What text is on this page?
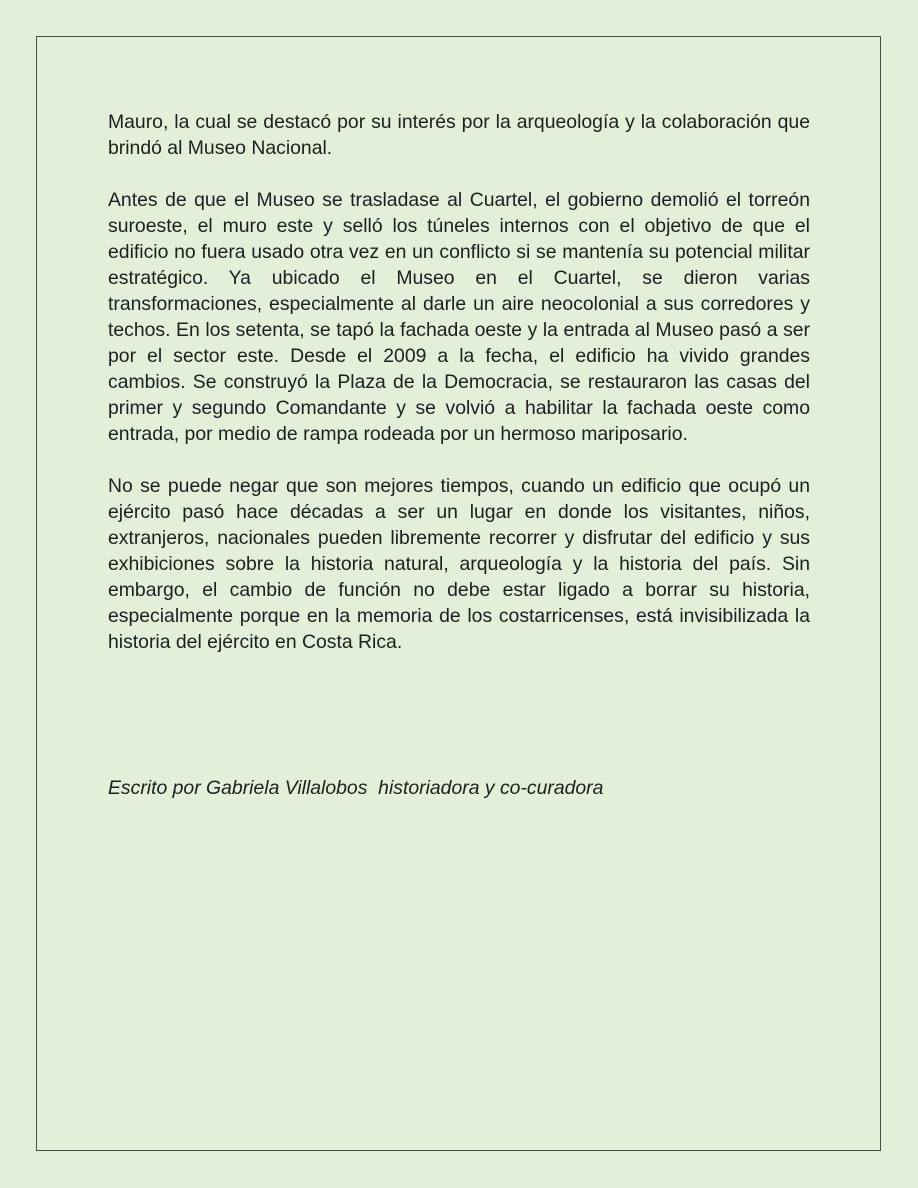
Mauro, la cual se destacó por su interés por la arqueología y la colaboración que brindó al Museo Nacional.

Antes de que el Museo se trasladase al Cuartel, el gobierno demolió el torreón suroeste, el muro este y selló los túneles internos con el objetivo de que el edificio no fuera usado otra vez en un conflicto si se mantenía su potencial militar estratégico. Ya ubicado el Museo en el Cuartel, se dieron varias transformaciones, especialmente al darle un aire neocolonial a sus corredores y techos. En los setenta, se tapó la fachada oeste y la entrada al Museo pasó a ser por el sector este. Desde el 2009 a la fecha, el edificio ha vivido grandes cambios. Se construyó la Plaza de la Democracia, se restauraron las casas del primer y segundo Comandante y se volvió a habilitar la fachada oeste como entrada, por medio de rampa rodeada por un hermoso mariposario.

No se puede negar que son mejores tiempos, cuando un edificio que ocupó un ejército pasó hace décadas a ser un lugar en donde los visitantes, niños, extranjeros, nacionales pueden libremente recorrer y disfrutar del edificio y sus exhibiciones sobre la historia natural, arqueología y la historia del país. Sin embargo, el cambio de función no debe estar ligado a borrar su historia, especialmente porque en la memoria de los costarricenses, está invisibilizada la historia del ejército en Costa Rica.

Escrito por Gabriela Villalobos  historiadora y co-curadora
